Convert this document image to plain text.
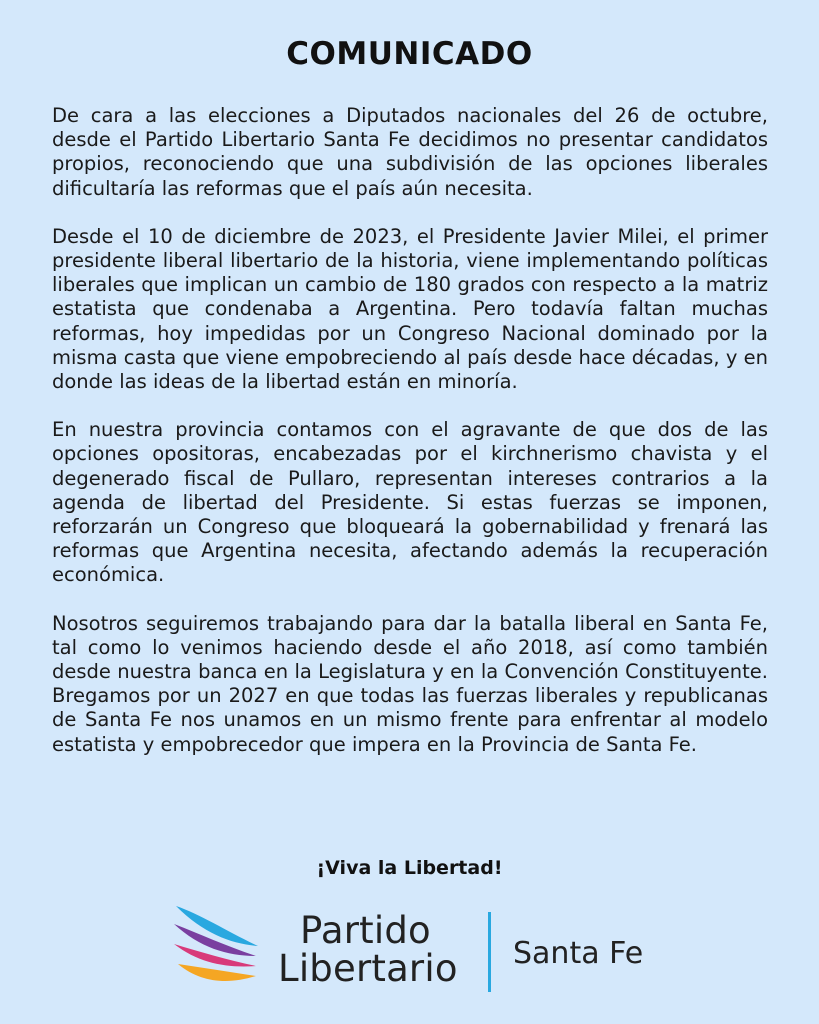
COMUNICADO

De cara a las elecciones a Diputados nacionales del 26 de octubre, desde el Partido Libertario Santa Fe decidimos no presentar candidatos propios, reconociendo que una subdivisión de las opciones liberales dificultaría las reformas que el país aún necesita.

Desde el 10 de diciembre de 2023, el Presidente Javier Milei, el primer presidente liberal libertario de la historia, viene implementando políticas liberales que implican un cambio de 180 grados con respecto a la matriz estatista que condenaba a Argentina. Pero todavía faltan muchas reformas, hoy impedidas por un Congreso Nacional dominado por la misma casta que viene empobreciendo al país desde hace décadas, y en donde las ideas de la libertad están en minoría.

En nuestra provincia contamos con el agravante de que dos de las opciones opositoras, encabezadas por el kirchnerismo chavista y el degenerado fiscal de Pullaro, representan intereses contrarios a la agenda de libertad del Presidente. Si estas fuerzas se imponen, reforzarán un Congreso que bloqueará la gobernabilidad y frenará las reformas que Argentina necesita, afectando además la recuperación económica.

Nosotros seguiremos trabajando para dar la batalla liberal en Santa Fe, tal como lo venimos haciendo desde el año 2018, así como también desde nuestra banca en la Legislatura y en la Convención Constituyente. Bregamos por un 2027 en que todas las fuerzas liberales y republicanas de Santa Fe nos unamos en un mismo frente para enfrentar al modelo estatista y empobrecedor que impera en la Provincia de Santa Fe.

¡Viva la Libertad!
Partido
Libertario Santa Fe
